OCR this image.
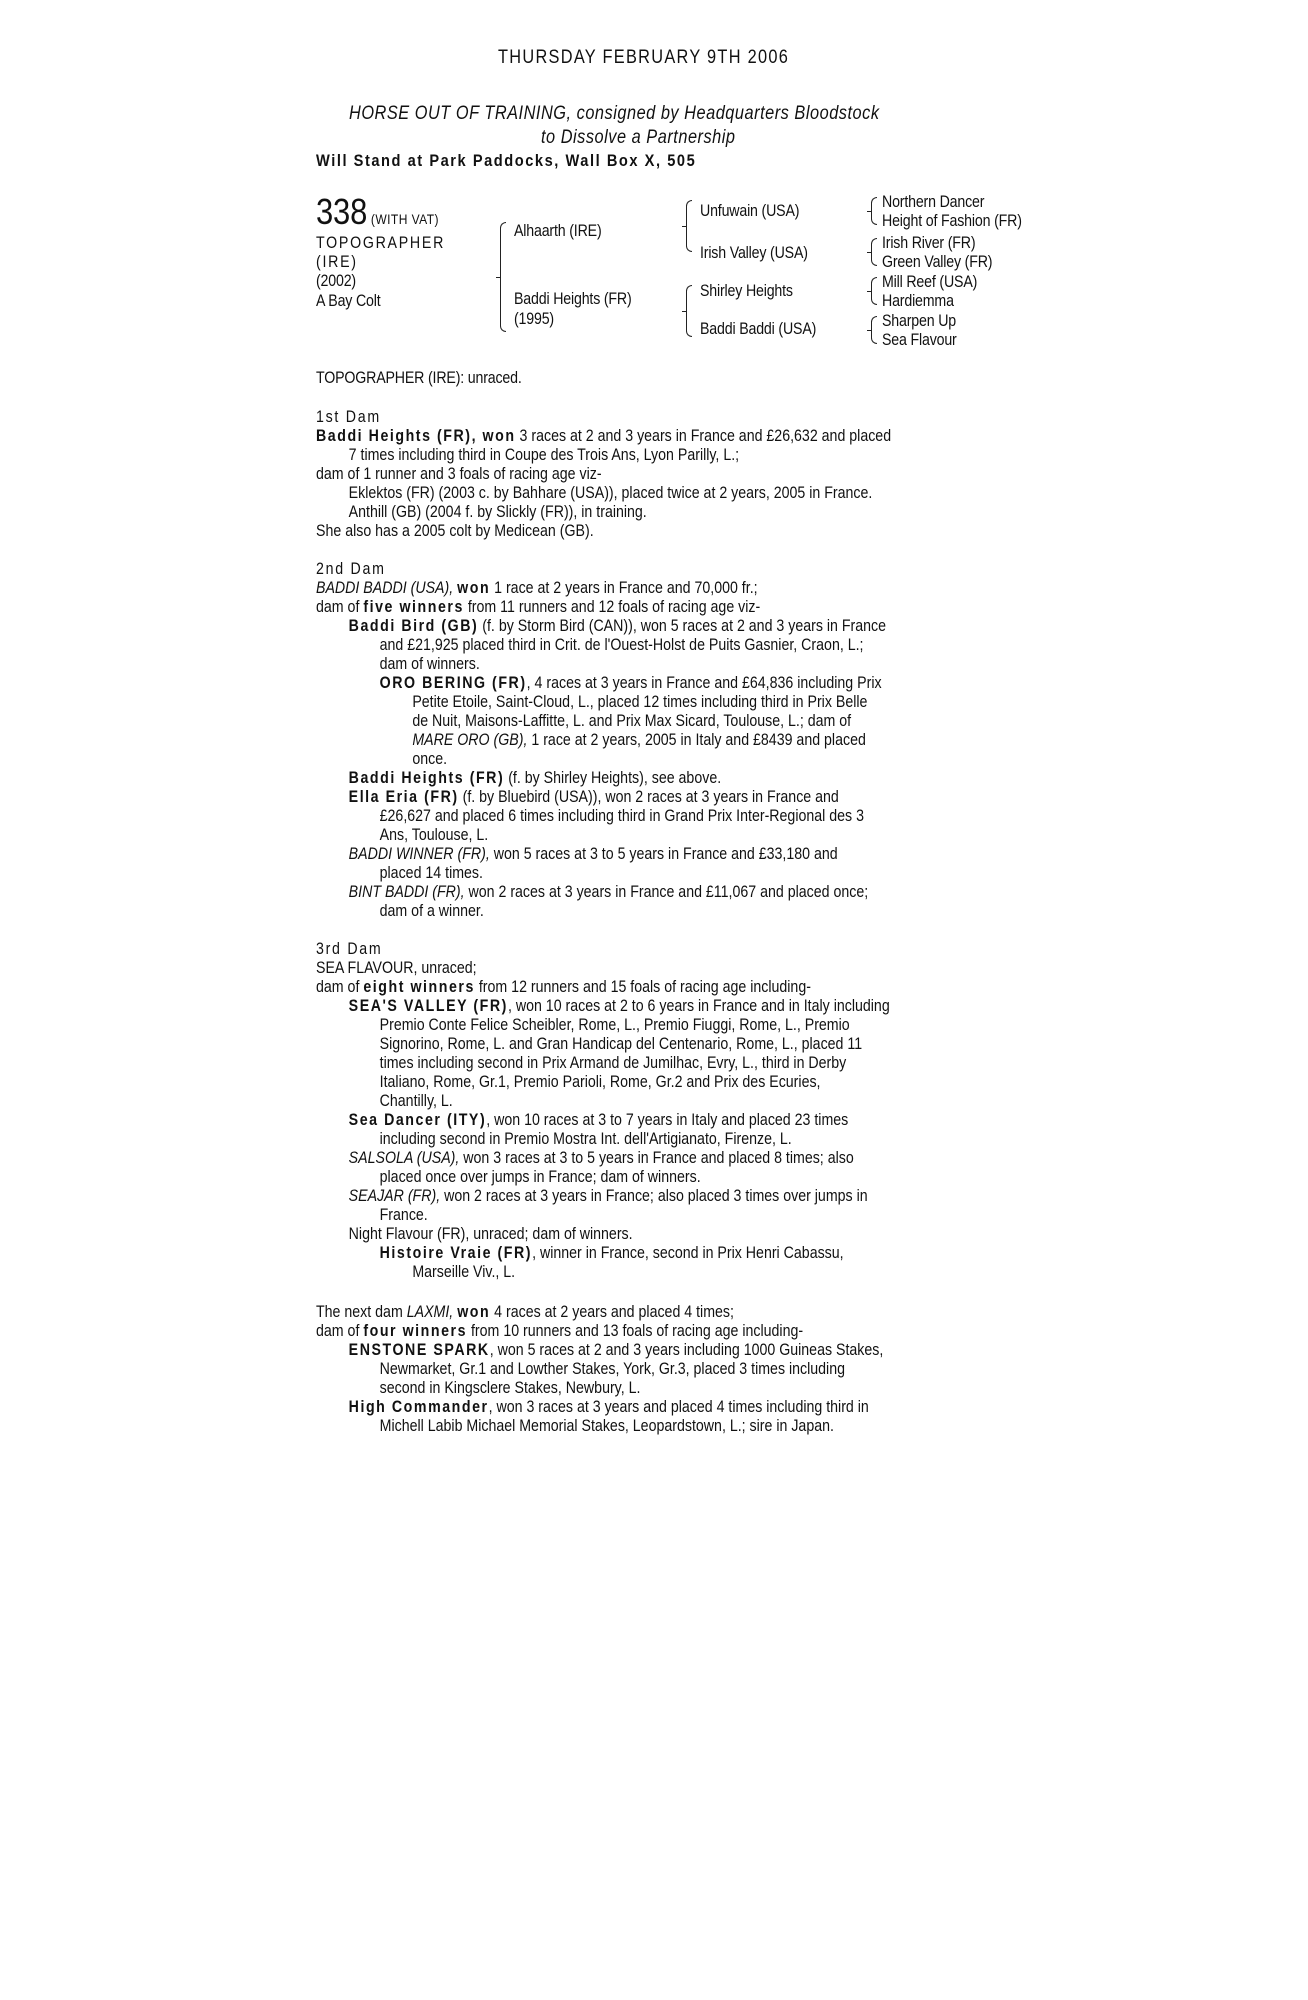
THURSDAY FEBRUARY 9TH 2006
HORSE OUT OF TRAINING, consigned by Headquarters Bloodstock
to Dissolve a Partnership
Will Stand at Park Paddocks, Wall Box X, 505
338 (WITH VAT)
TOPOGRAPHER
(IRE)
(2002)
A Bay Colt
Alhaarth (IRE)
Baddi Heights (FR)
(1995)
Unfuwain (USA)
Irish Valley (USA)
Shirley Heights
Baddi Baddi (USA)
Northern Dancer
Height of Fashion (FR)
Irish River (FR)
Green Valley (FR)
Mill Reef (USA)
Hardiemma
Sharpen Up
Sea Flavour
TOPOGRAPHER (IRE): unraced.
1st Dam
Baddi Heights (FR), won 3 races at 2 and 3 years in France and £26,632 and placed
7 times including third in Coupe des Trois Ans, Lyon Parilly, L.;
dam of 1 runner and 3 foals of racing age viz-
Eklektos (FR) (2003 c. by Bahhare (USA)), placed twice at 2 years, 2005 in France.
Anthill (GB) (2004 f. by Slickly (FR)), in training.
She also has a 2005 colt by Medicean (GB).
2nd Dam
BADDI BADDI (USA), won 1 race at 2 years in France and 70,000 fr.;
dam of five winners from 11 runners and 12 foals of racing age viz-
Baddi Bird (GB) (f. by Storm Bird (CAN)), won 5 races at 2 and 3 years in France
and £21,925 placed third in Crit. de l'Ouest-Holst de Puits Gasnier, Craon, L.;
dam of winners.
ORO BERING (FR), 4 races at 3 years in France and £64,836 including Prix
Petite Etoile, Saint-Cloud, L., placed 12 times including third in Prix Belle
de Nuit, Maisons-Laffitte, L. and Prix Max Sicard, Toulouse, L.; dam of
MARE ORO (GB), 1 race at 2 years, 2005 in Italy and £8439 and placed
once.
Baddi Heights (FR) (f. by Shirley Heights), see above.
Ella Eria (FR) (f. by Bluebird (USA)), won 2 races at 3 years in France and
£26,627 and placed 6 times including third in Grand Prix Inter-Regional des 3
Ans, Toulouse, L.
BADDI WINNER (FR), won 5 races at 3 to 5 years in France and £33,180 and
placed 14 times.
BINT BADDI (FR), won 2 races at 3 years in France and £11,067 and placed once;
dam of a winner.
3rd Dam
SEA FLAVOUR, unraced;
dam of eight winners from 12 runners and 15 foals of racing age including-
SEA'S VALLEY (FR), won 10 races at 2 to 6 years in France and in Italy including
Premio Conte Felice Scheibler, Rome, L., Premio Fiuggi, Rome, L., Premio
Signorino, Rome, L. and Gran Handicap del Centenario, Rome, L., placed 11
times including second in Prix Armand de Jumilhac, Evry, L., third in Derby
Italiano, Rome, Gr.1, Premio Parioli, Rome, Gr.2 and Prix des Ecuries,
Chantilly, L.
Sea Dancer (ITY), won 10 races at 3 to 7 years in Italy and placed 23 times
including second in Premio Mostra Int. dell'Artigianato, Firenze, L.
SALSOLA (USA), won 3 races at 3 to 5 years in France and placed 8 times; also
placed once over jumps in France; dam of winners.
SEAJAR (FR), won 2 races at 3 years in France; also placed 3 times over jumps in
France.
Night Flavour (FR), unraced; dam of winners.
Histoire Vraie (FR), winner in France, second in Prix Henri Cabassu,
Marseille Viv., L.
The next dam LAXMI, won 4 races at 2 years and placed 4 times;
dam of four winners from 10 runners and 13 foals of racing age including-
ENSTONE SPARK, won 5 races at 2 and 3 years including 1000 Guineas Stakes,
Newmarket, Gr.1 and Lowther Stakes, York, Gr.3, placed 3 times including
second in Kingsclere Stakes, Newbury, L.
High Commander, won 3 races at 3 years and placed 4 times including third in
Michell Labib Michael Memorial Stakes, Leopardstown, L.; sire in Japan.
